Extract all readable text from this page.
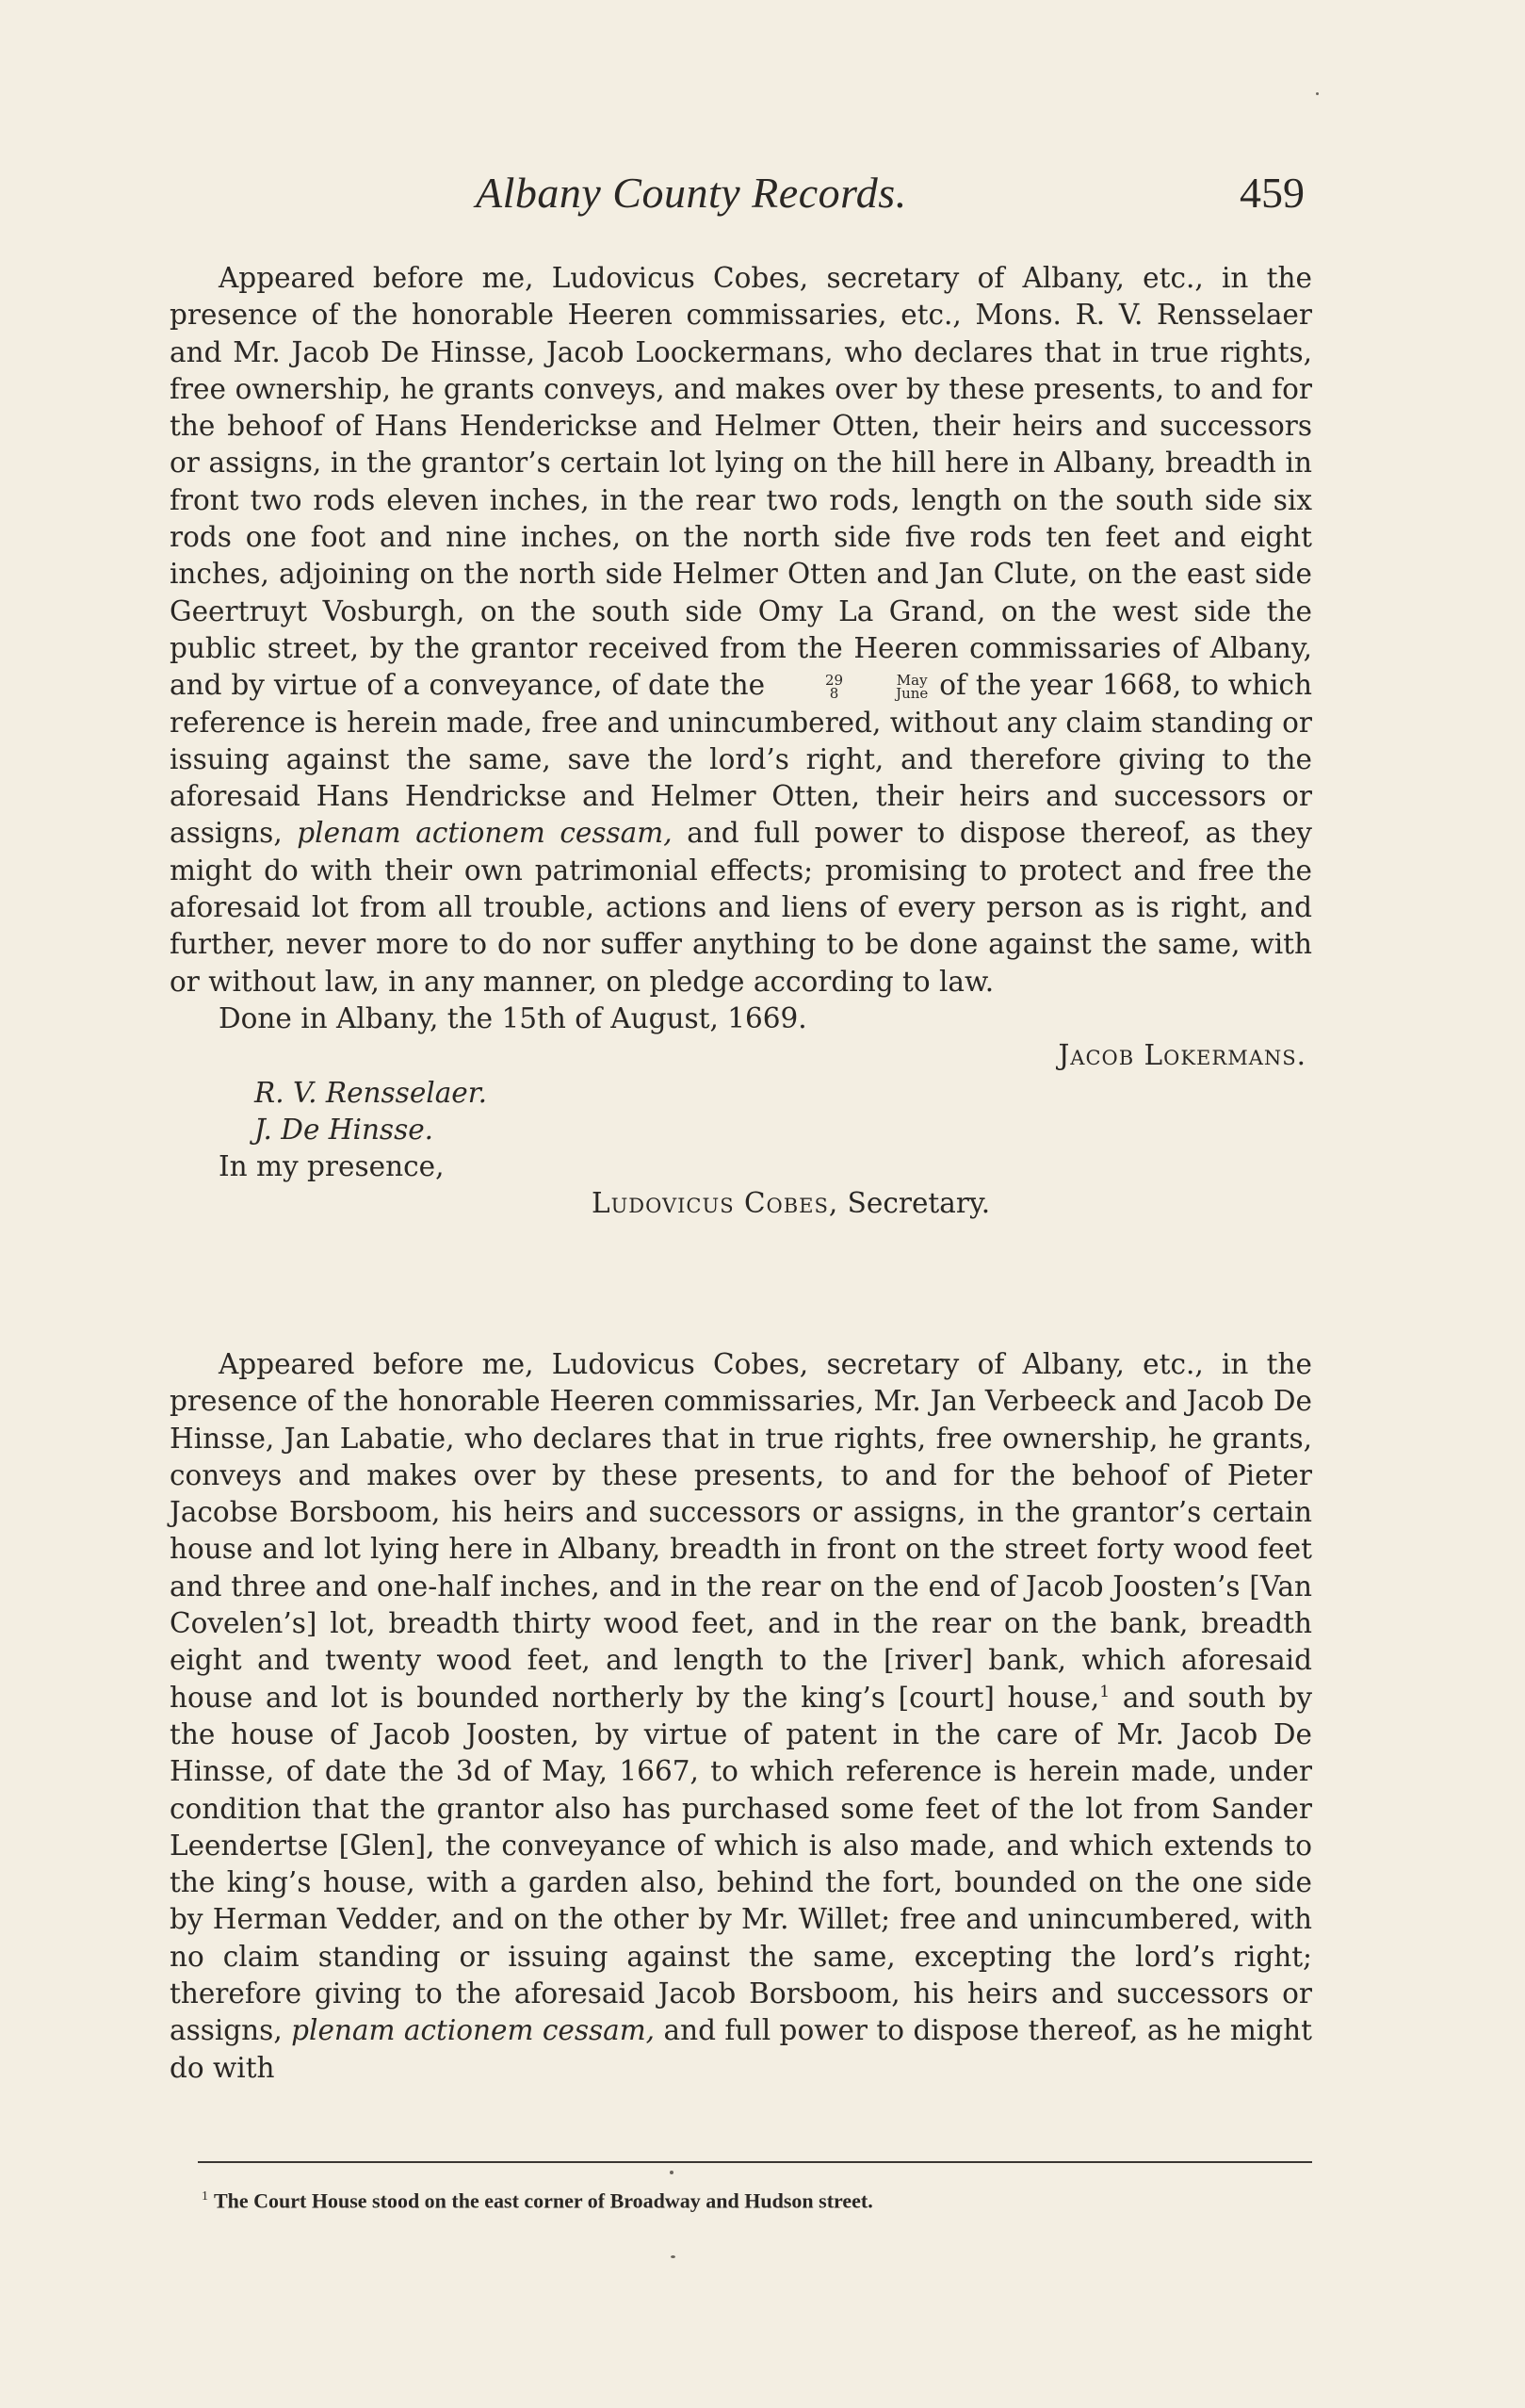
Albany County Records.	459

Appeared before me, Ludovicus Cobes, secretary of Albany, etc., in the presence of the honorable Heeren commissaries, etc., Mons. R. V. Rensselaer and Mr. Jacob De Hinsse, Jacob Loockermans, who declares that in true rights, free ownership, he grants conveys, and makes over by these presents, to and for the behoof of Hans Henderickse and Helmer Otten, their heirs and successors or assigns, in the grantor’s certain lot lying on the hill here in Albany, breadth in front two rods eleven inches, in the rear two rods, length on the south side six rods one foot and nine inches, on the north side five rods ten feet and eight inches, adjoining on the north side Helmer Otten and Jan Clute, on the east side Geertruyt Vosburgh, on the south side Omy La Grand, on the west side the public street, by the grantor received from the Heeren commissaries of Albany, and by virtue of a conveyance, of date the	29
8
May
June of the year 1668, to which reference is herein made, free and unincumbered, without any claim standing or issuing against the same, save the lord’s right, and therefore giving to the aforesaid Hans Hendrickse and Helmer Otten, their heirs and successors or assigns, plenam actionem cessam, and full power to dispose thereof, as they might do with their own patrimonial effects; promising to protect and free the aforesaid lot from all trouble, actions and liens of every person as is right, and further, never more to do nor suffer anything to be done against the same, with or without law, in any manner, on pledge according to law.

Done in Albany, the 15th of August, 1669.

Jacob Lokermans.

R. V. Rensselaer.

J. De Hinsse.

In my presence,

Ludovicus Cobes, Secretary.

Appeared before me, Ludovicus Cobes, secretary of Albany, etc., in the presence of the honorable Heeren commissaries, Mr. Jan Verbeeck and Jacob De Hinsse, Jan Labatie, who declares that in true rights, free ownership, he grants, conveys and makes over by these presents, to and for the behoof of Pieter Jacobse Borsboom, his heirs and successors or assigns, in the grantor’s certain house and lot lying here in Albany, breadth in front on the street forty wood feet and three and one-half inches, and in the rear on the end of Jacob Joosten’s [Van Covelen’s] lot, breadth thirty wood feet, and in the rear on the bank, breadth eight and twenty wood feet, and length to the [river] bank, which aforesaid house and lot is bounded northerly by the king’s [court] house,$^1$ and south by the house of Jacob Joosten, by virtue of patent in the care of Mr. Jacob De Hinsse, of date the 3d of May, 1667, to which reference is herein made, under condition that the grantor also has purchased some feet of the lot from Sander Leendertse [Glen], the conveyance of which is also made, and which extends to the king’s house, with a garden also, behind the fort, bounded on the one side by Herman Vedder, and on the other by Mr. Willet; free and unincumbered, with no claim standing or issuing against the same, excepting the lord’s right; therefore giving to the aforesaid Jacob Borsboom, his heirs and successors or assigns, plenam actionem cessam, and full power to dispose thereof, as he might do with

$^1$ The Court House stood on the east corner of Broadway and Hudson street.
